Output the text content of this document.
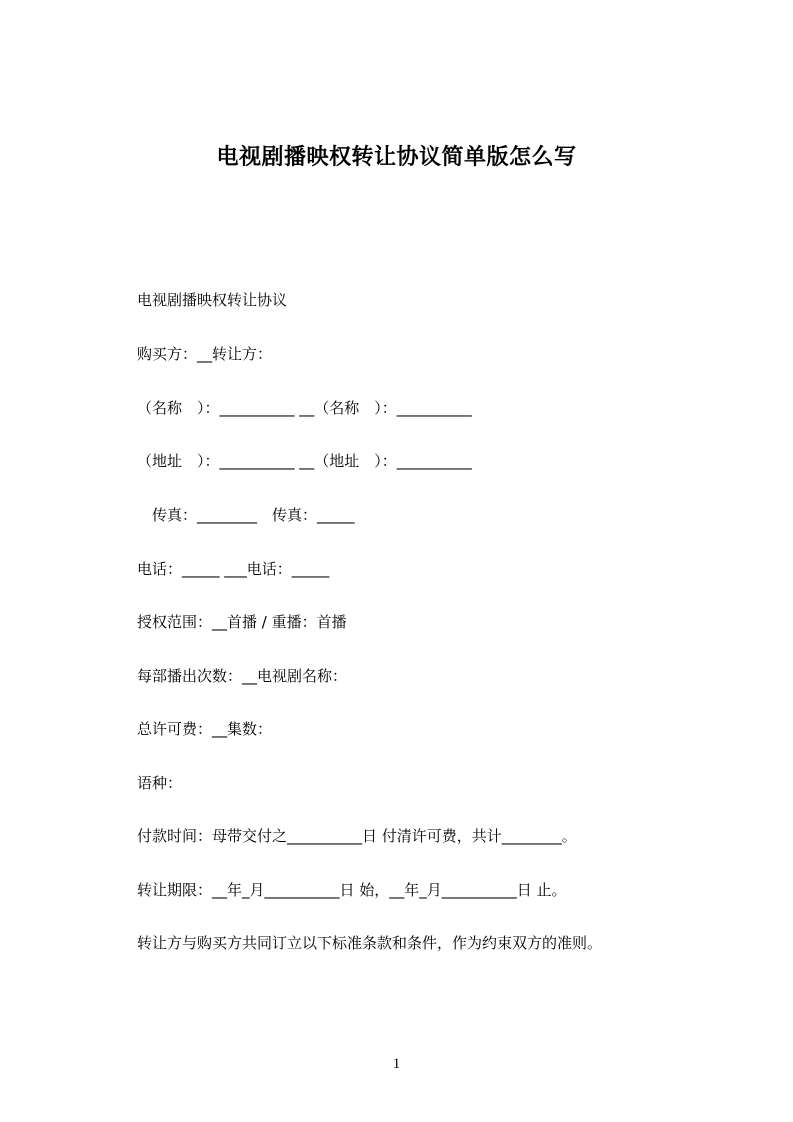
电视剧播映权转让协议简单版怎么写
电视剧播映权转让协议
购买方：__转让方：
（名称　）：__________ __（名称　）：__________
（地址　）：__________ __（地址　）：__________
传真：________　传真：_____
电话：_____ ___电话：_____
授权范围：__首播 / 重播：首播
每部播出次数：__电视剧名称：
总许可费：__集数：
语种：
付款时间：母带交付之__________日 付清许可费，共计________。
转让期限：__年_月__________日 始，__年_月__________日 止。
转让方与购买方共同订立以下标准条款和条件，作为约束双方的准则。
1
